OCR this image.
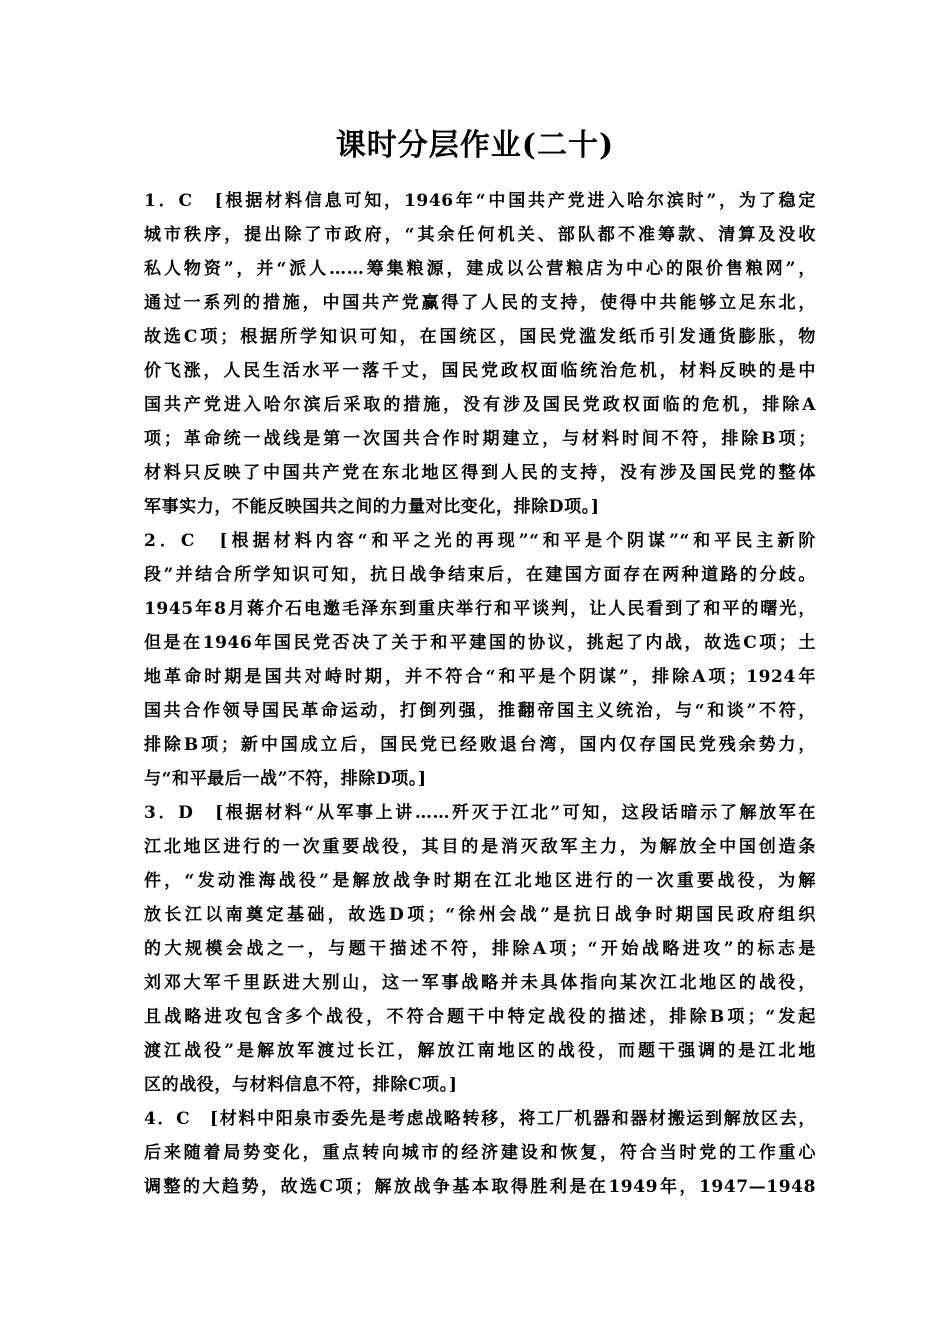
课时分层作业(二十)
1．C　[根据材料信息可知，1946年“中国共产党进入哈尔滨时”，为了稳定
城市秩序，提出除了市政府，“其余任何机关、部队都不准筹款、清算及没收
私人物资”，并“派人……筹集粮源，建成以公营粮店为中心的限价售粮网”，
通过一系列的措施，中国共产党赢得了人民的支持，使得中共能够立足东北，
故选C项；根据所学知识可知，在国统区，国民党滥发纸币引发通货膨胀，物
价飞涨，人民生活水平一落千丈，国民党政权面临统治危机，材料反映的是中
国共产党进入哈尔滨后采取的措施，没有涉及国民党政权面临的危机，排除A
项；革命统一战线是第一次国共合作时期建立，与材料时间不符，排除B项；
材料只反映了中国共产党在东北地区得到人民的支持，没有涉及国民党的整体
军事实力，不能反映国共之间的力量对比变化，排除D项。]
2．C　[根据材料内容“和平之光的再现”“和平是个阴谋”“和平民主新阶
段”并结合所学知识可知，抗日战争结束后，在建国方面存在两种道路的分歧。
1945年8月蒋介石电邀毛泽东到重庆举行和平谈判，让人民看到了和平的曙光，
但是在1946年国民党否决了关于和平建国的协议，挑起了内战，故选C项；土
地革命时期是国共对峙时期，并不符合“和平是个阴谋”，排除A项；1924年
国共合作领导国民革命运动，打倒列强，推翻帝国主义统治，与“和谈”不符，
排除B项；新中国成立后，国民党已经败退台湾，国内仅存国民党残余势力，
与“和平最后一战”不符，排除D项。]
3．D　[根据材料“从军事上讲……歼灭于江北”可知，这段话暗示了解放军在
江北地区进行的一次重要战役，其目的是消灭敌军主力，为解放全中国创造条
件，“发动淮海战役”是解放战争时期在江北地区进行的一次重要战役，为解
放长江以南奠定基础，故选D项；“徐州会战”是抗日战争时期国民政府组织
的大规模会战之一，与题干描述不符，排除A项；“开始战略进攻”的标志是
刘邓大军千里跃进大别山，这一军事战略并未具体指向某次江北地区的战役，
且战略进攻包含多个战役，不符合题干中特定战役的描述，排除B项；“发起
渡江战役”是解放军渡过长江，解放江南地区的战役，而题干强调的是江北地
区的战役，与材料信息不符，排除C项。]
4．C　[材料中阳泉市委先是考虑战略转移，将工厂机器和器材搬运到解放区去，
后来随着局势变化，重点转向城市的经济建设和恢复，符合当时党的工作重心
调整的大趋势，故选C项；解放战争基本取得胜利是在1949年，1947—1948
